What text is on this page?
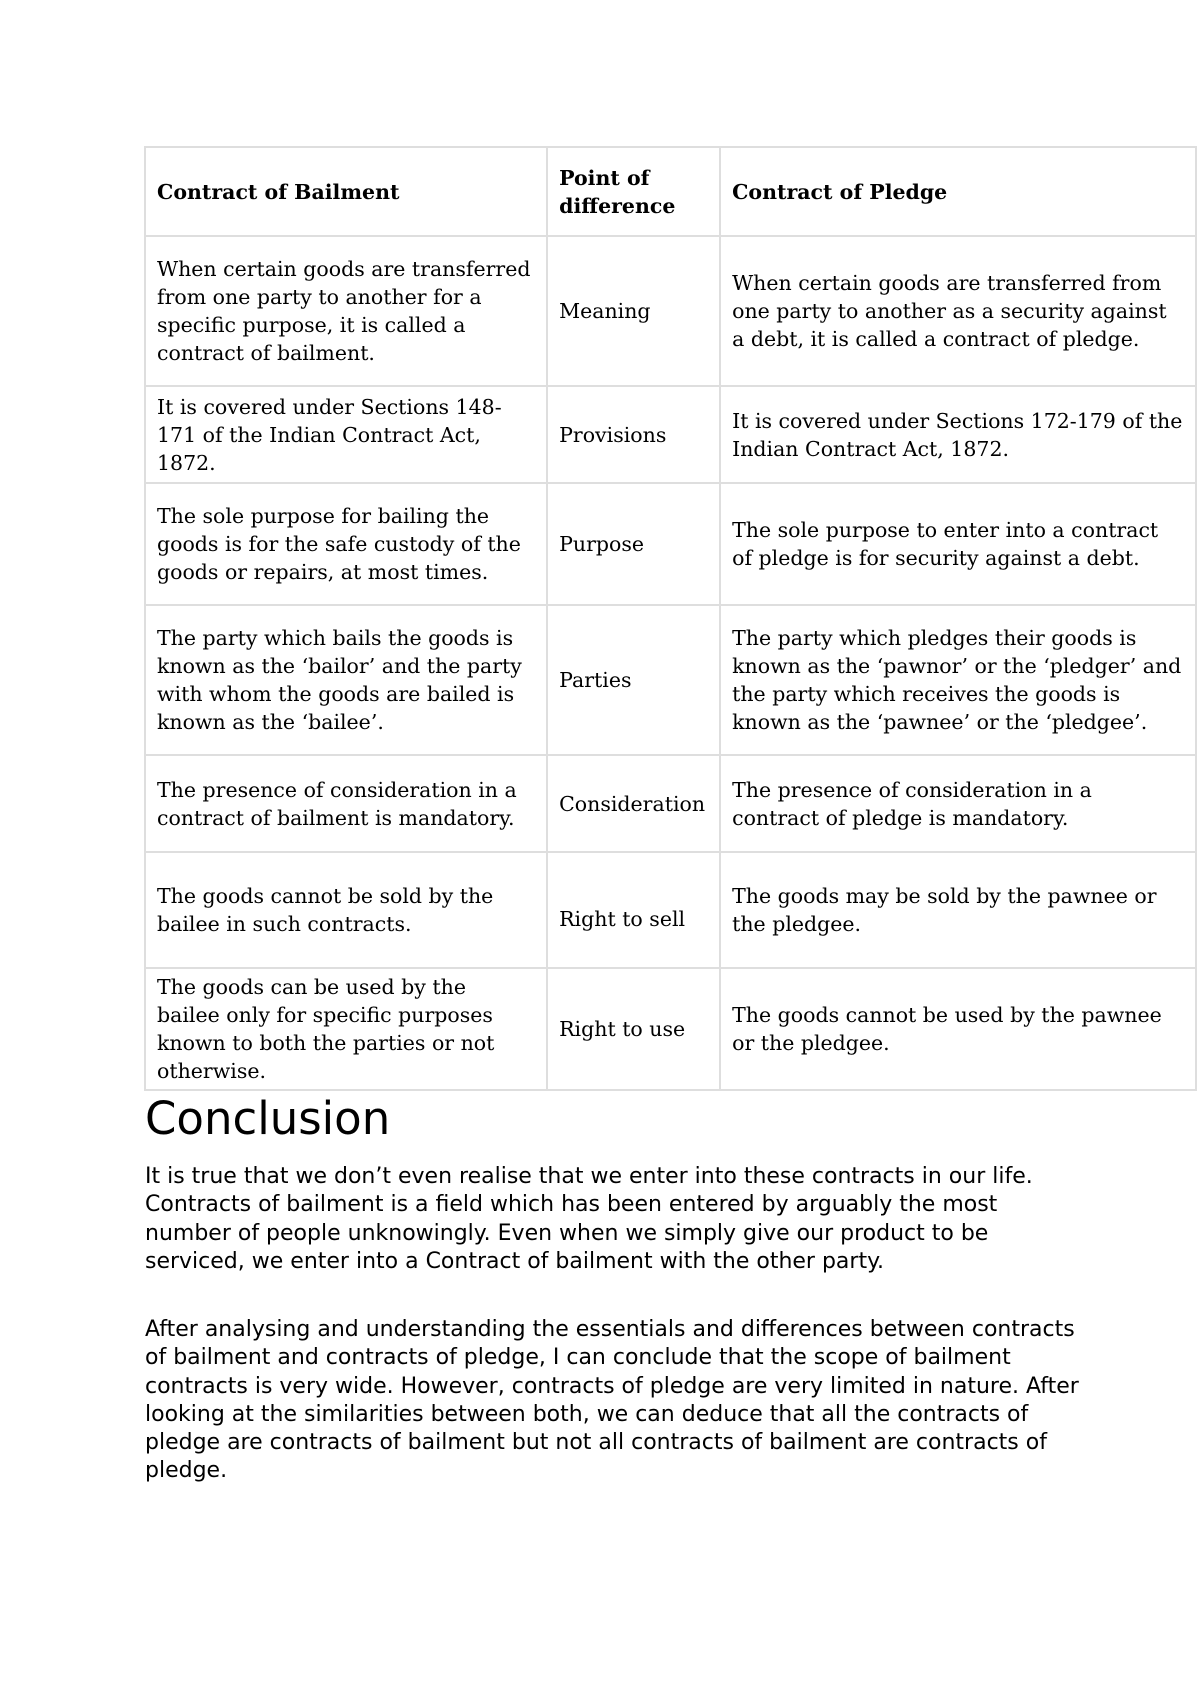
Contract of Bailment	Point of difference	Contract of Pledge
When certain goods are transferred from one party to another for a specific purpose, it is called a contract of bailment.	Meaning	When certain goods are transferred from one party to another as a security against a debt, it is called a contract of pledge.
It is covered under Sections 148-171 of the Indian Contract Act, 1872.	Provisions	It is covered under Sections 172-179 of the Indian Contract Act, 1872.
The sole purpose for bailing the goods is for the safe custody of the goods or repairs, at most times.	Purpose	The sole purpose to enter into a contract of pledge is for security against a debt.
The party which bails the goods is known as the ‘bailor’ and the party with whom the goods are bailed is known as the ‘bailee’.	Parties	The party which pledges their goods is known as the ‘pawnor’ or the ‘pledger’ and the party which receives the goods is known as the ‘pawnee’ or the ‘pledgee’.
The presence of consideration in a contract of bailment is mandatory.	Consideration	The presence of consideration in a contract of pledge is mandatory.
The goods cannot be sold by the bailee in such contracts.	Right to sell	The goods may be sold by the pawnee or the pledgee.
The goods can be used by the bailee only for specific purposes known to both the parties or not otherwise.	Right to use	The goods cannot be used by the pawnee or the pledgee.
Conclusion

It is true that we don’t even realise that we enter into these contracts in our life. Contracts of bailment is a field which has been entered by arguably the most number of people unknowingly. Even when we simply give our product to be serviced, we enter into a Contract of bailment with the other party.

After analysing and understanding the essentials and differences between contracts of bailment and contracts of pledge, I can conclude that the scope of bailment contracts is very wide. However, contracts of pledge are very limited in nature. After looking at the similarities between both, we can deduce that all the contracts of pledge are contracts of bailment but not all contracts of bailment are contracts of pledge.
